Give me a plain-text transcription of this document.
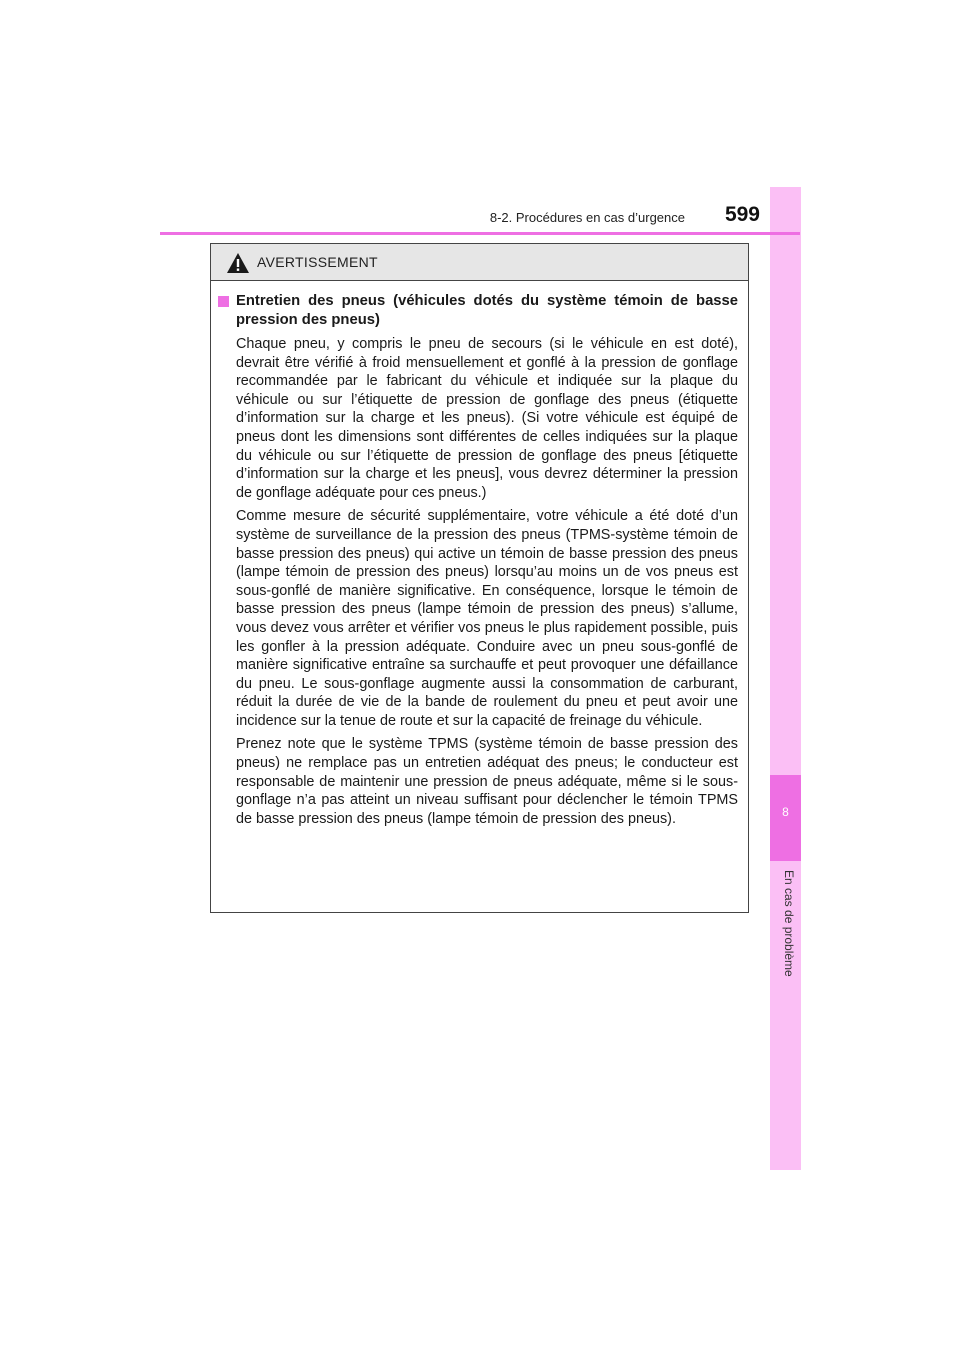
8
En cas de problème
8-2. Procédures en cas d’urgence 599
AVERTISSEMENT
Entretien des pneus (véhicules dotés du système témoin de basse pression des pneus)

Chaque pneu, y compris le pneu de secours (si le véhicule en est doté), devrait être vérifié à froid mensuellement et gonflé à la pression de gonflage recommandée par le fabricant du véhicule et indiquée sur la plaque du véhicule ou sur l’étiquette de pression de gonflage des pneus (étiquette d’information sur la charge et les pneus). (Si votre véhicule est équipé de pneus dont les dimensions sont différentes de celles indiquées sur la plaque du véhicule ou sur l’étiquette de pression de gonflage des pneus [étiquette d’information sur la charge et les pneus], vous devrez déterminer la pression de gonflage adéquate pour ces pneus.)

Comme mesure de sécurité supplémentaire, votre véhicule a été doté d’un système de surveillance de la pression des pneus (TPMS-système témoin de basse pression des pneus) qui active un témoin de basse pression des pneus (lampe témoin de pression des pneus) lorsqu’au moins un de vos pneus est sous-gonflé de manière significative. En conséquence, lorsque le témoin de basse pression des pneus (lampe témoin de pression des pneus) s’allume, vous devez vous arrêter et vérifier vos pneus le plus rapidement possible, puis les gonfler à la pression adéquate. Conduire avec un pneu sous-gonflé de manière significative entraîne sa surchauffe et peut provoquer une défaillance du pneu. Le sous-gonflage augmente aussi la consommation de carburant, réduit la durée de vie de la bande de roulement du pneu et peut avoir une incidence sur la tenue de route et sur la capacité de freinage du véhicule.

Prenez note que le système TPMS (système témoin de basse pression des pneus) ne remplace pas un entretien adéquat des pneus; le conducteur est responsable de maintenir une pression de pneus adéquate, même si le sous-gonflage n’a pas atteint un niveau suffisant pour déclencher le témoin TPMS de basse pression des pneus (lampe témoin de pression des pneus).
